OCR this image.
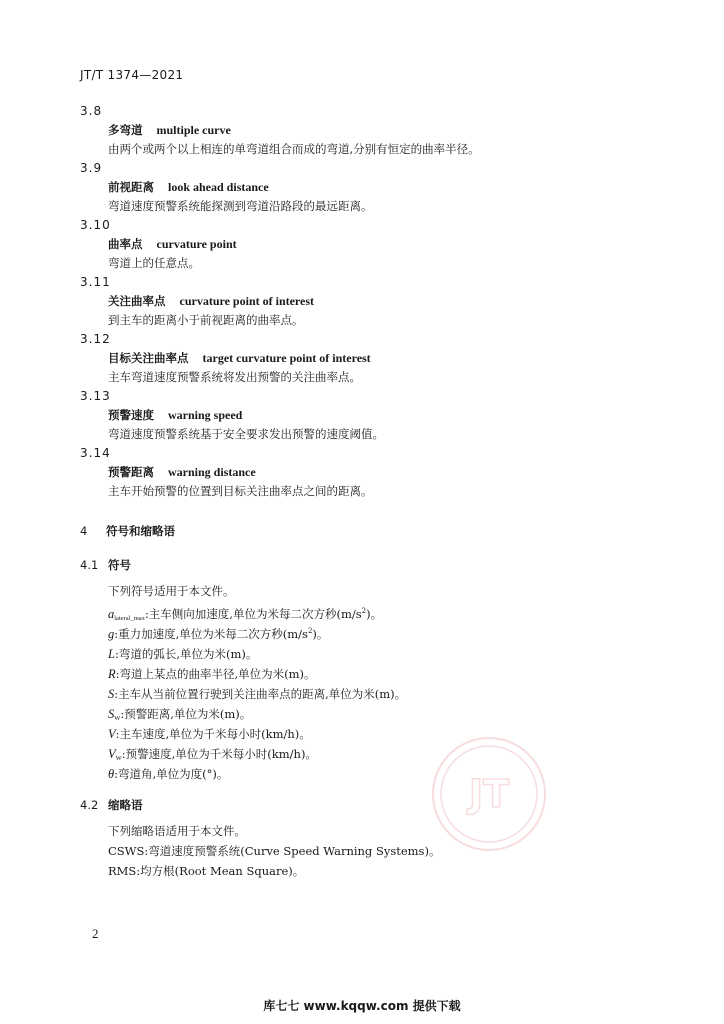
JT/T 1374—2021
3.8
多弯道 multiple curve
由两个或两个以上相连的单弯道组合而成的弯道,分别有恒定的曲率半径。
3.9
前视距离 look ahead distance
弯道速度预警系统能探测到弯道沿路段的最远距离。
3.10
曲率点 curvature point
弯道上的任意点。
3.11
关注曲率点 curvature point of interest
到主车的距离小于前视距离的曲率点。
3.12
目标关注曲率点 target curvature point of interest
主车弯道速度预警系统将发出预警的关注曲率点。
3.13
预警速度 warning speed
弯道速度预警系统基于安全要求发出预警的速度阈值。
3.14
预警距离 warning distance
主车开始预警的位置到目标关注曲率点之间的距离。
4 符号和缩略语
4.1 符号
下列符号适用于本文件。
$a_{lateral\_max}$:主车侧向加速度,单位为米每二次方秒$(m/s^2)$。
g:重力加速度,单位为米每二次方秒$(m/s^2)$。
L:弯道的弧长,单位为米(m)。
R:弯道上某点的曲率半径,单位为米(m)。
S:主车从当前位置行驶到关注曲率点的距离,单位为米(m)。
$S_W$:预警距离,单位为米(m)。
V:主车速度,单位为千米每小时(km/h)。
$V_W$:预警速度,单位为千米每小时(km/h)。
θ:弯道角,单位为度(°)。
4.2 缩略语
下列缩略语适用于本文件。
CSWS:弯道速度预警系统(Curve Speed Warning Systems)。
RMS:均方根(Root Mean Square)。
JT
2
库七七 www.kqqw.com 提供下载
